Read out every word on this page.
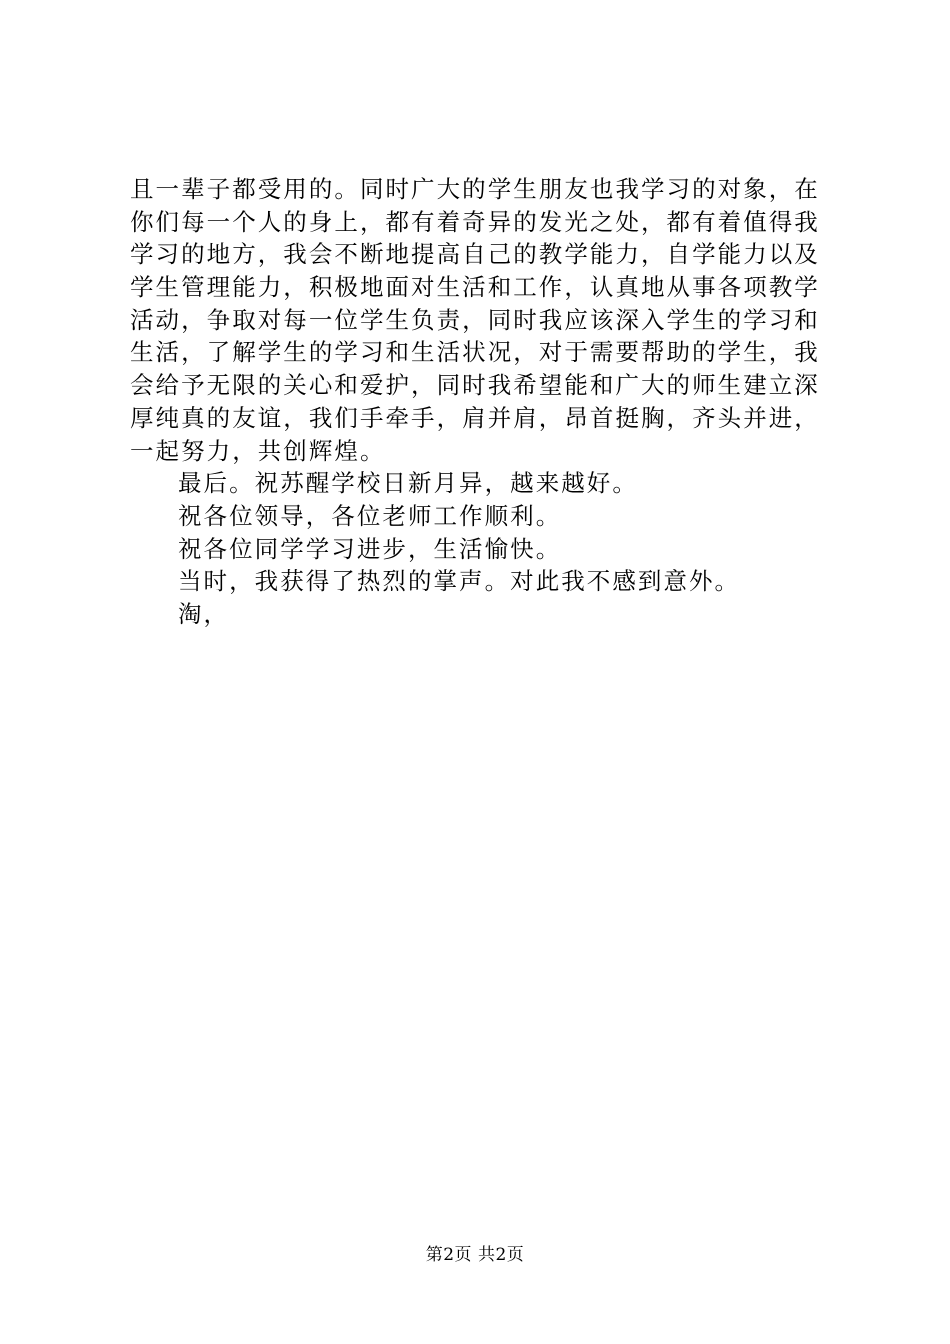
且一辈子都受用的。同时广大的学生朋友也我学习的对象，在
你们每一个人的身上，都有着奇异的发光之处，都有着值得我
学习的地方，我会不断地提高自己的教学能力，自学能力以及
学生管理能力，积极地面对生活和工作，认真地从事各项教学
活动，争取对每一位学生负责，同时我应该深入学生的学习和
生活，了解学生的学习和生活状况，对于需要帮助的学生，我
会给予无限的关心和爱护，同时我希望能和广大的师生建立深
厚纯真的友谊，我们手牵手，肩并肩，昂首挺胸，齐头并进，
一起努力，共创辉煌。
最后。祝苏醒学校日新月异，越来越好。
祝各位领导，各位老师工作顺利。
祝各位同学学习进步，生活愉快。
当时，我获得了热烈的掌声。对此我不感到意外。
淘，
第2页 共2页
